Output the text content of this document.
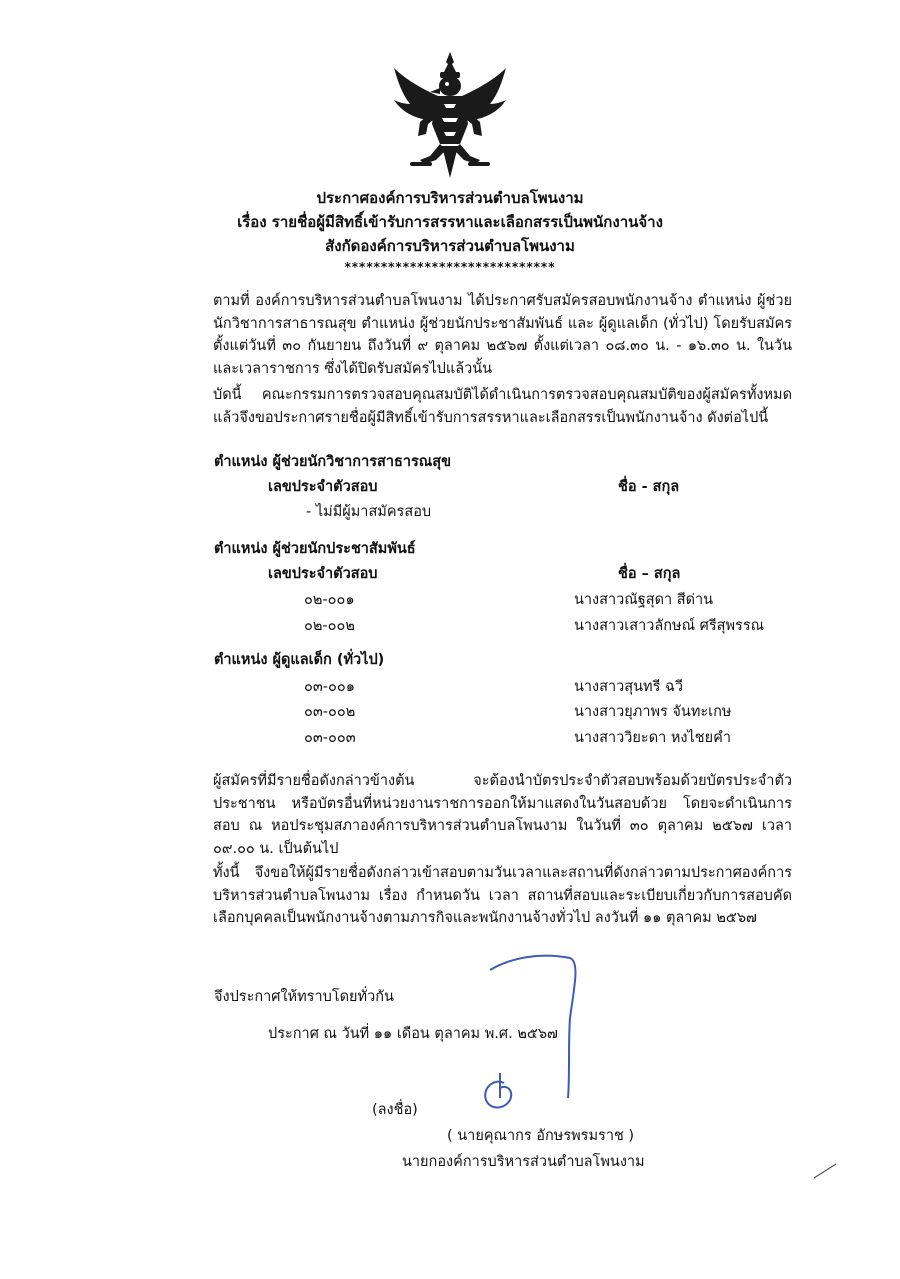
ประกาศองค์การบริหารส่วนตำบลโพนงาม
เรื่อง รายชื่อผู้มีสิทธิ์เข้ารับการสรรหาและเลือกสรรเป็นพนักงานจ้าง
สังกัดองค์การบริหารส่วนตำบลโพนงาม
*****************************

ตามที่ องค์การบริหารส่วนตำบลโพนงาม ได้ประกาศรับสมัครสอบพนักงานจ้าง ตำแหน่ง ผู้ช่วยนักวิชาการสาธารณสุข ตำแหน่ง ผู้ช่วยนักประชาสัมพันธ์ และ ผู้ดูแลเด็ก (ทั่วไป) โดยรับสมัครตั้งแต่วันที่ ๓๐ กันยายน ถึงวันที่ ๙ ตุลาคม ๒๕๖๗ ตั้งแต่เวลา ๐๘.๓๐ น. - ๑๖.๓๐ น. ในวันและเวลาราชการ ซึ่งได้ปิดรับสมัครไปแล้วนั้น

บัดนี้ คณะกรรมการตรวจสอบคุณสมบัติได้ดำเนินการตรวจสอบคุณสมบัติของผู้สมัครทั้งหมด แล้วจึงขอประกาศรายชื่อผู้มีสิทธิ์เข้ารับการสรรหาและเลือกสรรเป็นพนักงานจ้าง ดังต่อไปนี้

ตำแหน่ง ผู้ช่วยนักวิชาการสาธารณสุข
เลขประจำตัวสอบ	ชื่อ - สกุล
- ไม่มีผู้มาสมัครสอบ
ตำแหน่ง ผู้ช่วยนักประชาสัมพันธ์
เลขประจำตัวสอบ	ชื่อ – สกุล
๐๒-๐๐๑	นางสาวณัฐสุดา สีด่าน
๐๒-๐๐๒	นางสาวเสาวลักษณ์ ศรีสุพรรณ
ตำแหน่ง ผู้ดูแลเด็ก (ทั่วไป)
๐๓-๐๐๑	นางสาวสุนทรี ฉวี
๐๓-๐๐๒	นางสาวยุภาพร จันทะเกษ
๐๓-๐๐๓	นางสาววิยะดา หงไชยคำ

ผู้สมัครที่มีรายชื่อดังกล่าวข้างต้น จะต้องนำบัตรประจำตัวสอบพร้อมด้วยบัตรประจำตัวประชาชน หรือบัตรอื่นที่หน่วยงานราชการออกให้มาแสดงในวันสอบด้วย โดยจะดำเนินการสอบ ณ หอประชุมสภาองค์การบริหารส่วนตำบลโพนงาม ในวันที่ ๓๐ ตุลาคม ๒๕๖๗ เวลา ๐๙.๐๐ น. เป็นต้นไป

ทั้งนี้ จึงขอให้ผู้มีรายชื่อดังกล่าวเข้าสอบตามวันเวลาและสถานที่ดังกล่าวตามประกาศองค์การบริหารส่วนตำบลโพนงาม เรื่อง กำหนดวัน เวลา สถานที่สอบและระเบียบเกี่ยวกับการสอบคัดเลือกบุคคลเป็นพนักงานจ้างตามภารกิจและพนักงานจ้างทั่วไป ลงวันที่ ๑๑ ตุลาคม ๒๕๖๗

จึงประกาศให้ทราบโดยทั่วกัน
ประกาศ ณ วันที่ ๑๑ เดือน ตุลาคม พ.ศ. ๒๕๖๗
(ลงชื่อ)
( นายคุณากร อักษรพรมราช )
นายกองค์การบริหารส่วนตำบลโพนงาม
